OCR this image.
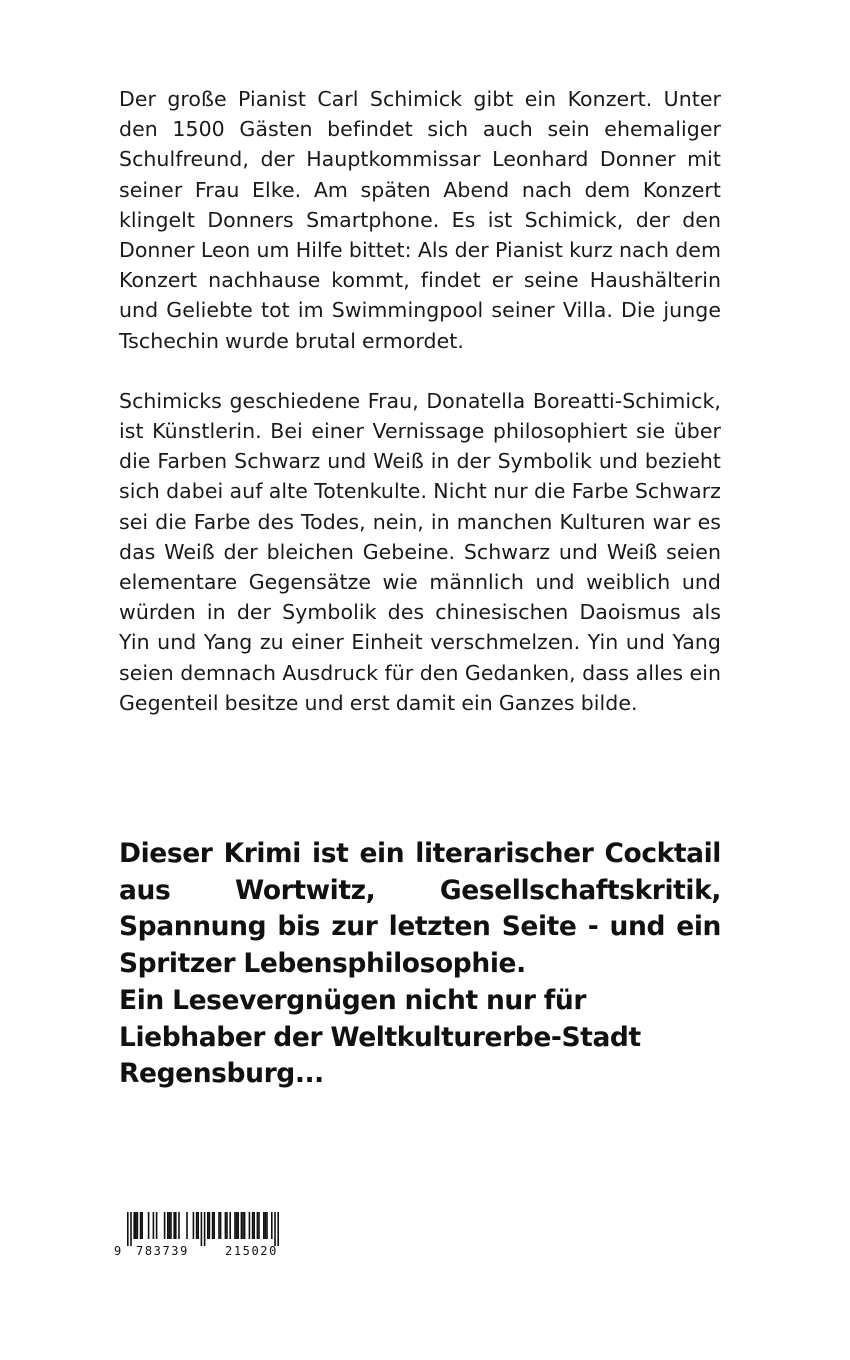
Der große Pianist Carl Schimick gibt ein Konzert. Unter den 1500 Gästen befindet sich auch sein ehemaliger Schulfreund, der Hauptkommissar Leonhard Donner mit seiner Frau Elke. Am späten Abend nach dem Konzert klingelt Donners Smartphone. Es ist Schimick, der den Donner Leon um Hilfe bittet: Als der Pianist kurz nach dem Konzert nachhause kommt, findet er seine Haushälterin und Geliebte tot im Swimmingpool seiner Villa. Die junge Tschechin wurde brutal ermordet.

Schimicks geschiedene Frau, Donatella Boreatti-Schimick, ist Künstlerin. Bei einer Vernissage philosophiert sie über die Farben Schwarz und Weiß in der Symbolik und bezieht sich dabei auf alte Totenkulte. Nicht nur die Farbe Schwarz sei die Farbe des Todes, nein, in manchen Kulturen war es das Weiß der bleichen Gebeine. Schwarz und Weiß seien elementare Gegensätze wie männlich und weiblich und würden in der Symbolik des chinesischen Daoismus als Yin und Yang zu einer Einheit verschmelzen. Yin und Yang seien demnach Ausdruck für den Gedanken, dass alles ein Gegenteil besitze und erst damit ein Ganzes bilde.

Dieser Krimi ist ein literarischer Cocktail aus Wortwitz, Gesellschaftskritik, Spannung bis zur letzten Seite - und ein Spritzer Lebensphilosophie.
Ein Lesevergnügen nicht nur für Liebhaber der Weltkulturerbe-Stadt Regensburg...
9 783739	215020
